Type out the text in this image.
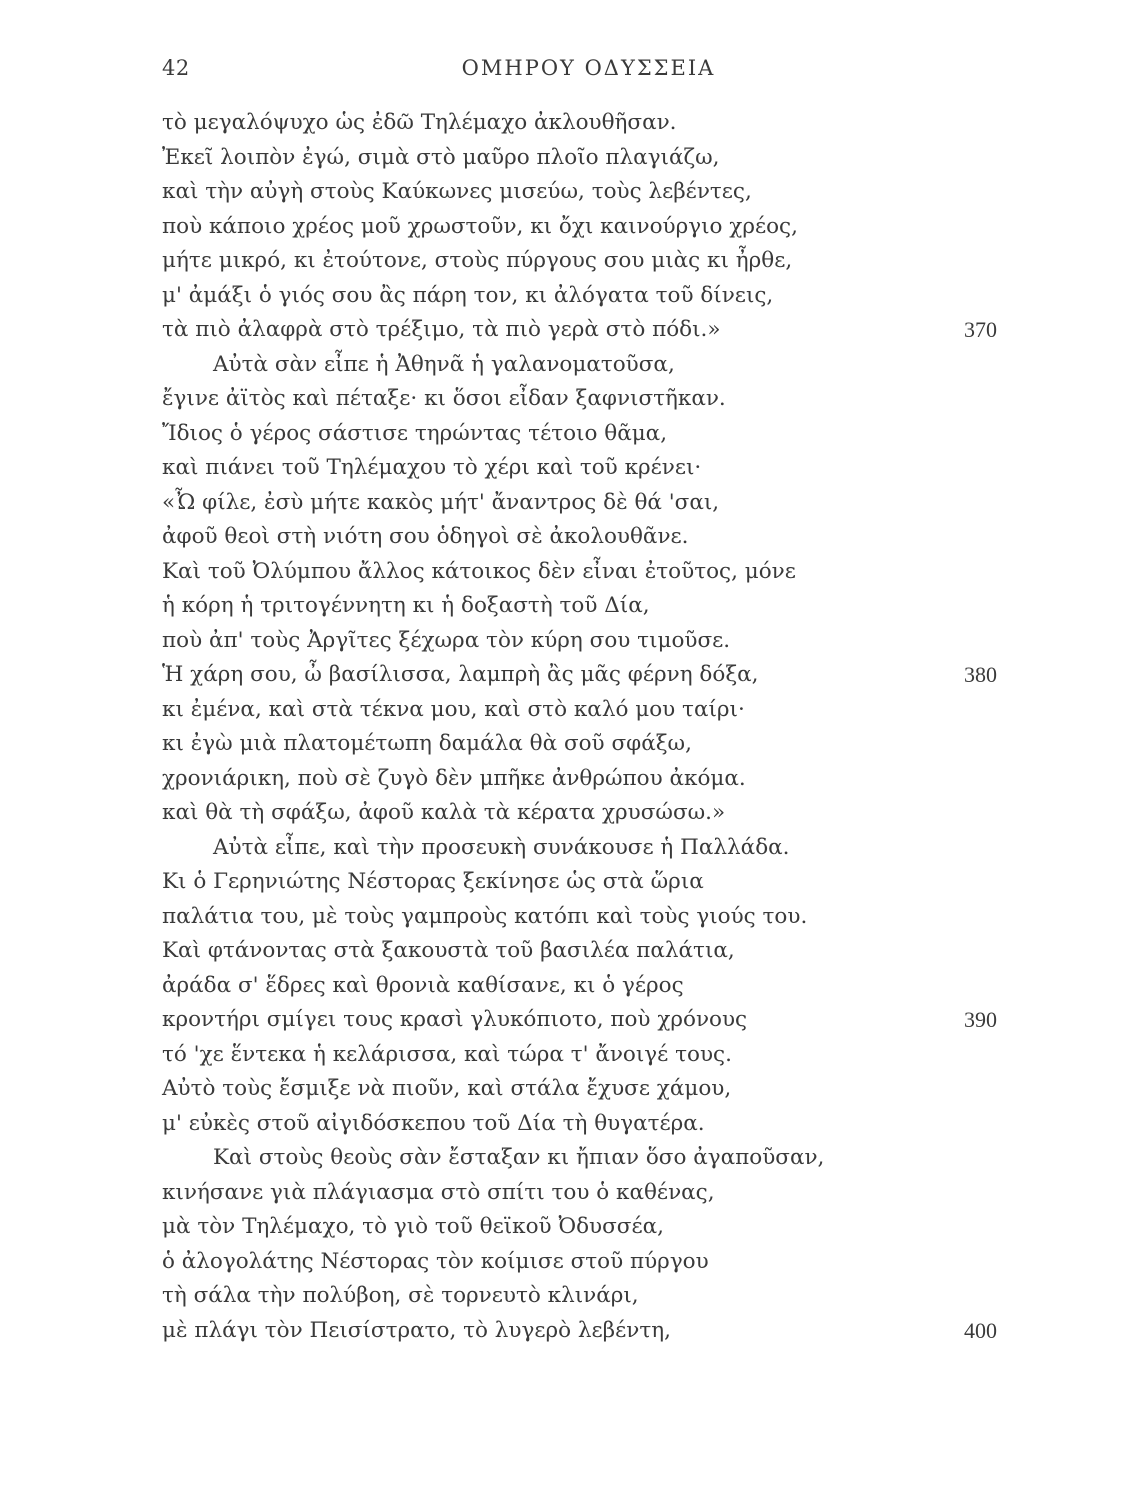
42	ΟΜΗΡΟΥ ΟΔΥΣΣΕΙΑ
τὸ μεγαλόψυχο ὡς ἐδῶ Τηλέμαχο ἀκλουθῆσαν.
Ἐκεῖ λοιπὸν ἐγώ, σιμὰ στὸ μαῦρο πλοῖο πλαγιάζω,
καὶ τὴν αὐγὴ στοὺς Καύκωνες μισεύω, τοὺς λεβέντες,
ποὺ κάποιο χρέος μοῦ χρωστοῦν, κι ὄχι καινούργιο χρέος,
μήτε μικρό, κι ἐτούτονε, στοὺς πύργους σου μιὰς κι ἦρθε,
μ' ἀμάξι ὁ γιός σου ἂς πάρη τον, κι ἀλόγατα τοῦ δίνεις,
τὰ πιὸ ἀλαφρὰ στὸ τρέξιμο, τὰ πιὸ γερὰ στὸ πόδι.»	370
Αὐτὰ σὰν εἶπε ἡ Ἀθηνᾶ ἡ γαλανοματοῦσα,
ἔγινε ἀϊτὸς καὶ πέταξε· κι ὅσοι εἶδαν ξαφνιστῆκαν.
Ἴδιος ὁ γέρος σάστισε τηρώντας τέτοιο θᾶμα,
καὶ πιάνει τοῦ Τηλέμαχου τὸ χέρι καὶ τοῦ κρένει·
«Ὦ φίλε, ἐσὺ μήτε κακὸς μήτ' ἄναντρος δὲ θά 'σαι,
ἀφοῦ θεοὶ στὴ νιότη σου ὁδηγοὶ σὲ ἀκολουθᾶνε.
Καὶ τοῦ Ὀλύμπου ἄλλος κάτοικος δὲν εἶναι ἐτοῦτος, μόνε
ἡ κόρη ἡ τριτογέννητη κι ἡ δοξαστὴ τοῦ Δία,
ποὺ ἀπ' τοὺς Ἀργῖτες ξέχωρα τὸν κύρη σου τιμοῦσε.
Ἡ χάρη σου, ὦ βασίλισσα, λαμπρὴ ἂς μᾶς φέρνη δόξα,	380
κι ἐμένα, καὶ στὰ τέκνα μου, καὶ στὸ καλό μου ταίρι·
κι ἐγὼ μιὰ πλατομέτωπη δαμάλα θὰ σοῦ σφάξω,
χρονιάρικη, ποὺ σὲ ζυγὸ δὲν μπῆκε ἀνθρώπου ἀκόμα.
καὶ θὰ τὴ σφάξω, ἀφοῦ καλὰ τὰ κέρατα χρυσώσω.»
Αὐτὰ εἶπε, καὶ τὴν προσευκὴ συνάκουσε ἡ Παλλάδα.
Κι ὁ Γερηνιώτης Νέστορας ξεκίνησε ὡς στὰ ὥρια
παλάτια του, μὲ τοὺς γαμπροὺς κατόπι καὶ τοὺς γιούς του.
Καὶ φτάνοντας στὰ ξακουστὰ τοῦ βασιλέα παλάτια,
ἀράδα σ' ἕδρες καὶ θρονιὰ καθίσανε, κι ὁ γέρος
κροντήρι σμίγει τους κρασὶ γλυκόπιοτο, ποὺ χρόνους	390
τό 'χε ἕντεκα ἡ κελάρισσα, καὶ τώρα τ' ἄνοιγέ τους.
Αὐτὸ τοὺς ἔσμιξε νὰ πιοῦν, καὶ στάλα ἔχυσε χάμου,
μ' εὐκὲς στοῦ αἰγιδόσκεπου τοῦ Δία τὴ θυγατέρα.
Καὶ στοὺς θεοὺς σὰν ἔσταξαν κι ἤπιαν ὅσο ἀγαποῦσαν,
κινήσανε γιὰ πλάγιασμα στὸ σπίτι του ὁ καθένας,
μὰ τὸν Τηλέμαχο, τὸ γιὸ τοῦ θεϊκοῦ Ὀδυσσέα,
ὁ ἀλογολάτης Νέστορας τὸν κοίμισε στοῦ πύργου
τὴ σάλα τὴν πολύβοη, σὲ τορνευτὸ κλινάρι,
μὲ πλάγι τὸν Πεισίστρατο, τὸ λυγερὸ λεβέντη,	400
